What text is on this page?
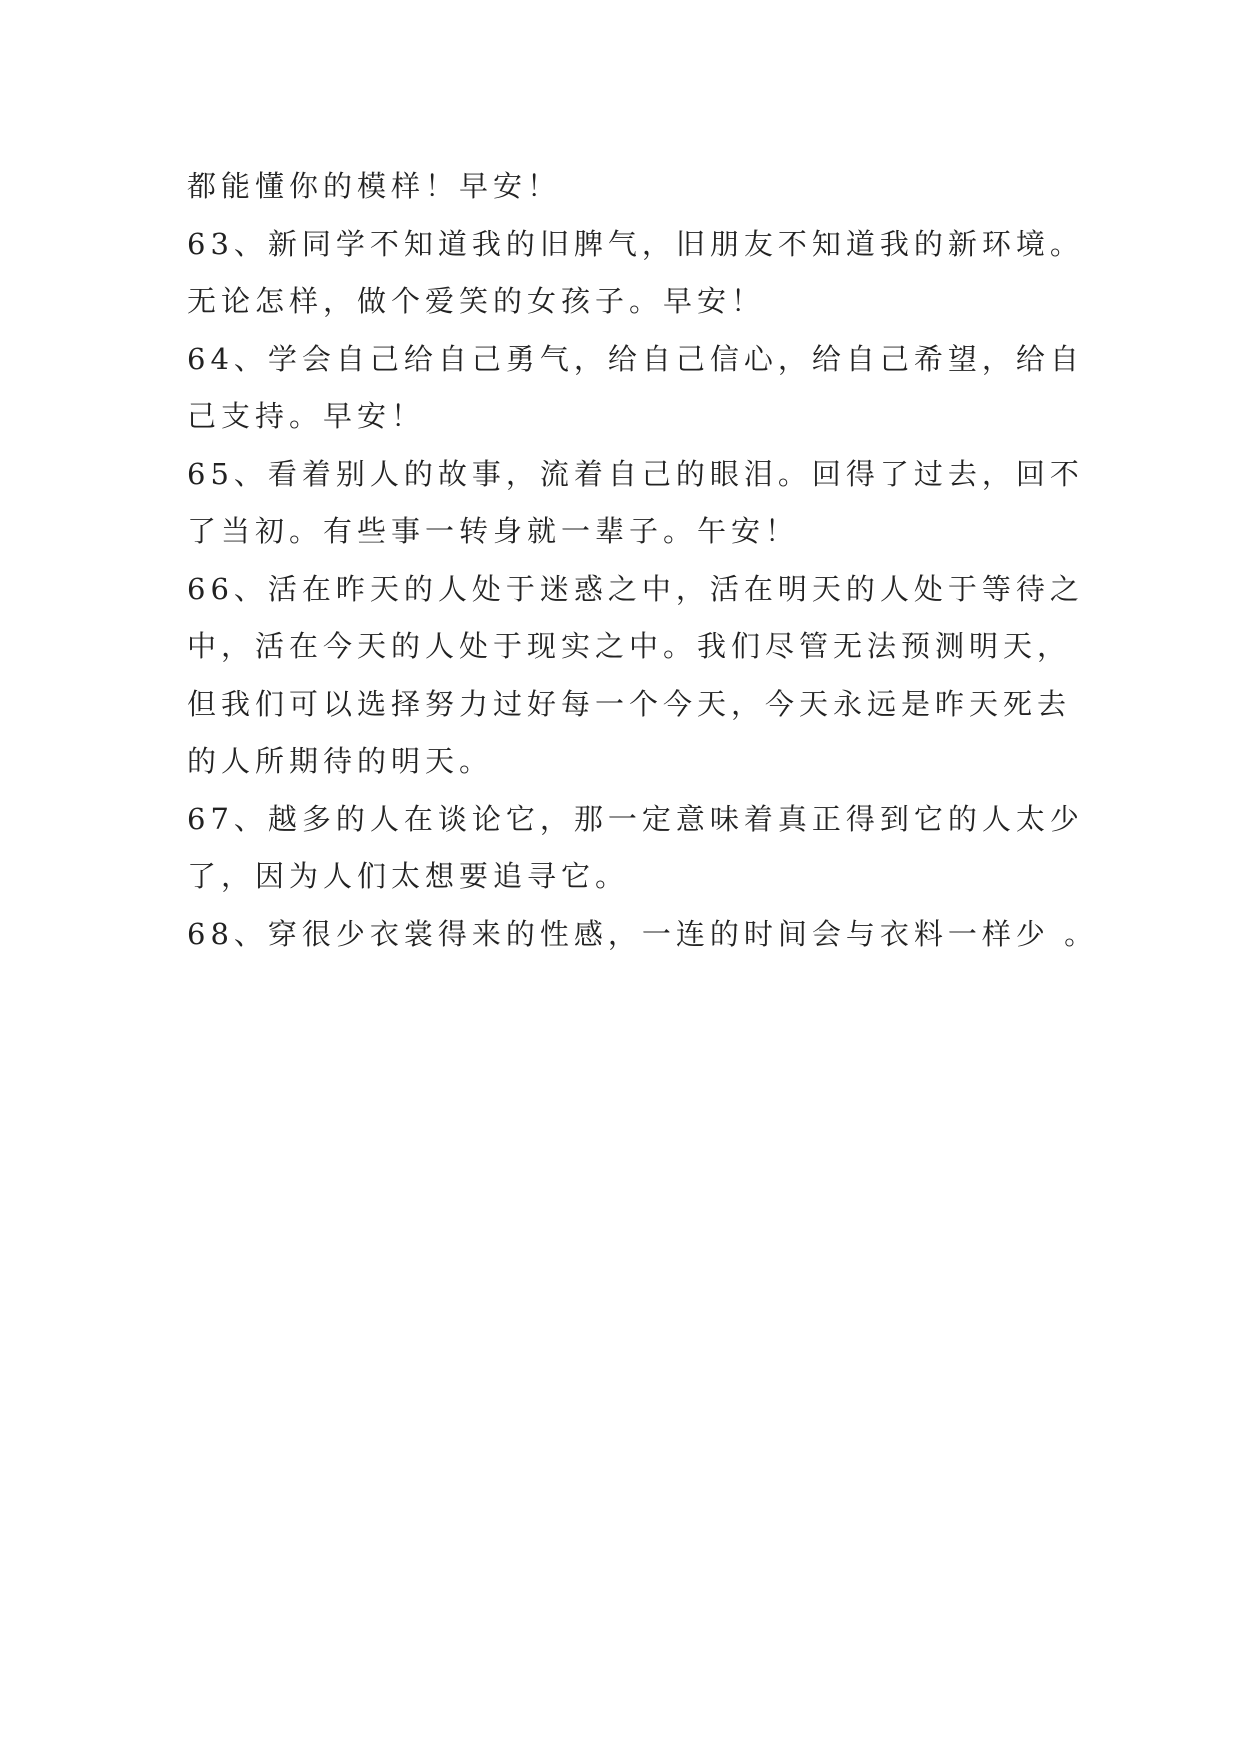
都能懂你的模样！早安！
63、新同学不知道我的旧脾气，旧朋友不知道我的新环境。
无论怎样，做个爱笑的女孩子。早安！
64、学会自己给自己勇气，给自己信心，给自己希望，给自
己支持。早安！
65、看着别人的故事，流着自己的眼泪。回得了过去，回不
了当初。有些事一转身就一辈子。午安！
66、活在昨天的人处于迷惑之中，活在明天的人处于等待之
中，活在今天的人处于现实之中。我们尽管无法预测明天，
但我们可以选择努力过好每一个今天，今天永远是昨天死去
的人所期待的明天。
67、越多的人在谈论它，那一定意味着真正得到它的人太少
了，因为人们太想要追寻它。
68、穿很少衣裳得来的性感，一连的时间会与衣料一样少 。
